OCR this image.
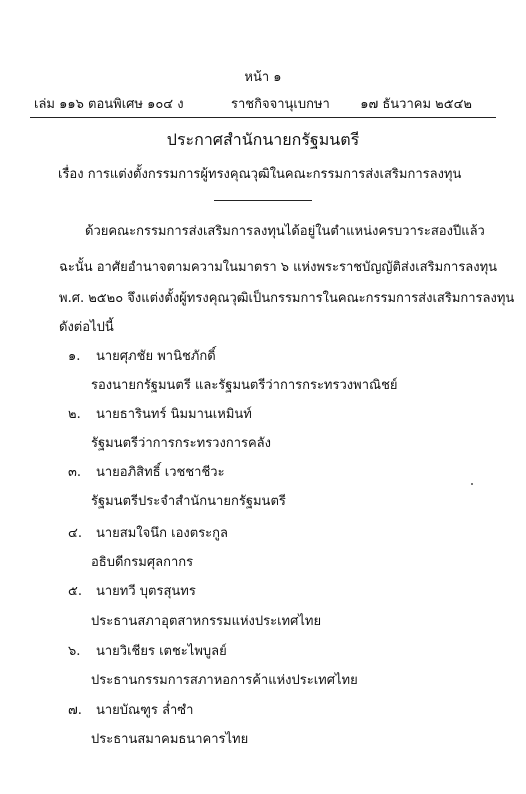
หน้า ๑
เล่ม ๑๑๖ ตอนพิเศษ ๑๐๔ ง	ราชกิจจานุเบกษา ๑๗ ธันวาคม ๒๕๔๒
ประกาศสำนักนายกรัฐมนตรี
เรื่อง การแต่งตั้งกรรมการผู้ทรงคุณวุฒิในคณะกรรมการส่งเสริมการลงทุน
ด้วยคณะกรรมการส่งเสริมการลงทุนได้อยู่ในตำแหน่งครบวาระสองปีแล้ว
ฉะนั้น อาศัยอำนาจตามความในมาตรา ๖ แห่งพระราชบัญญัติส่งเสริมการลงทุน
พ.ศ. ๒๕๒๐ จึงแต่งตั้งผู้ทรงคุณวุฒิเป็นกรรมการในคณะกรรมการส่งเสริมการลงทุน
ดังต่อไปนี้
๑. นายศุภชัย พานิชภักดิ์
รองนายกรัฐมนตรี และรัฐมนตรีว่าการกระทรวงพาณิชย์
๒. นายธารินทร์ นิมมานเหมินท์
รัฐมนตรีว่าการกระทรวงการคลัง
๓. นายอภิสิทธิ์ เวชชาชีวะ
รัฐมนตรีประจำสำนักนายกรัฐมนตรี
๔. นายสมใจนึก เองตระกูล
อธิบดีกรมศุลกากร
๕. นายทวี บุตรสุนทร
ประธานสภาอุตสาหกรรมแห่งประเทศไทย
๖. นายวิเชียร เตชะไพบูลย์
ประธานกรรมการสภาหอการค้าแห่งประเทศไทย
๗. นายบัณฑูร ล่ำซำ
ประธานสมาคมธนาคารไทย
